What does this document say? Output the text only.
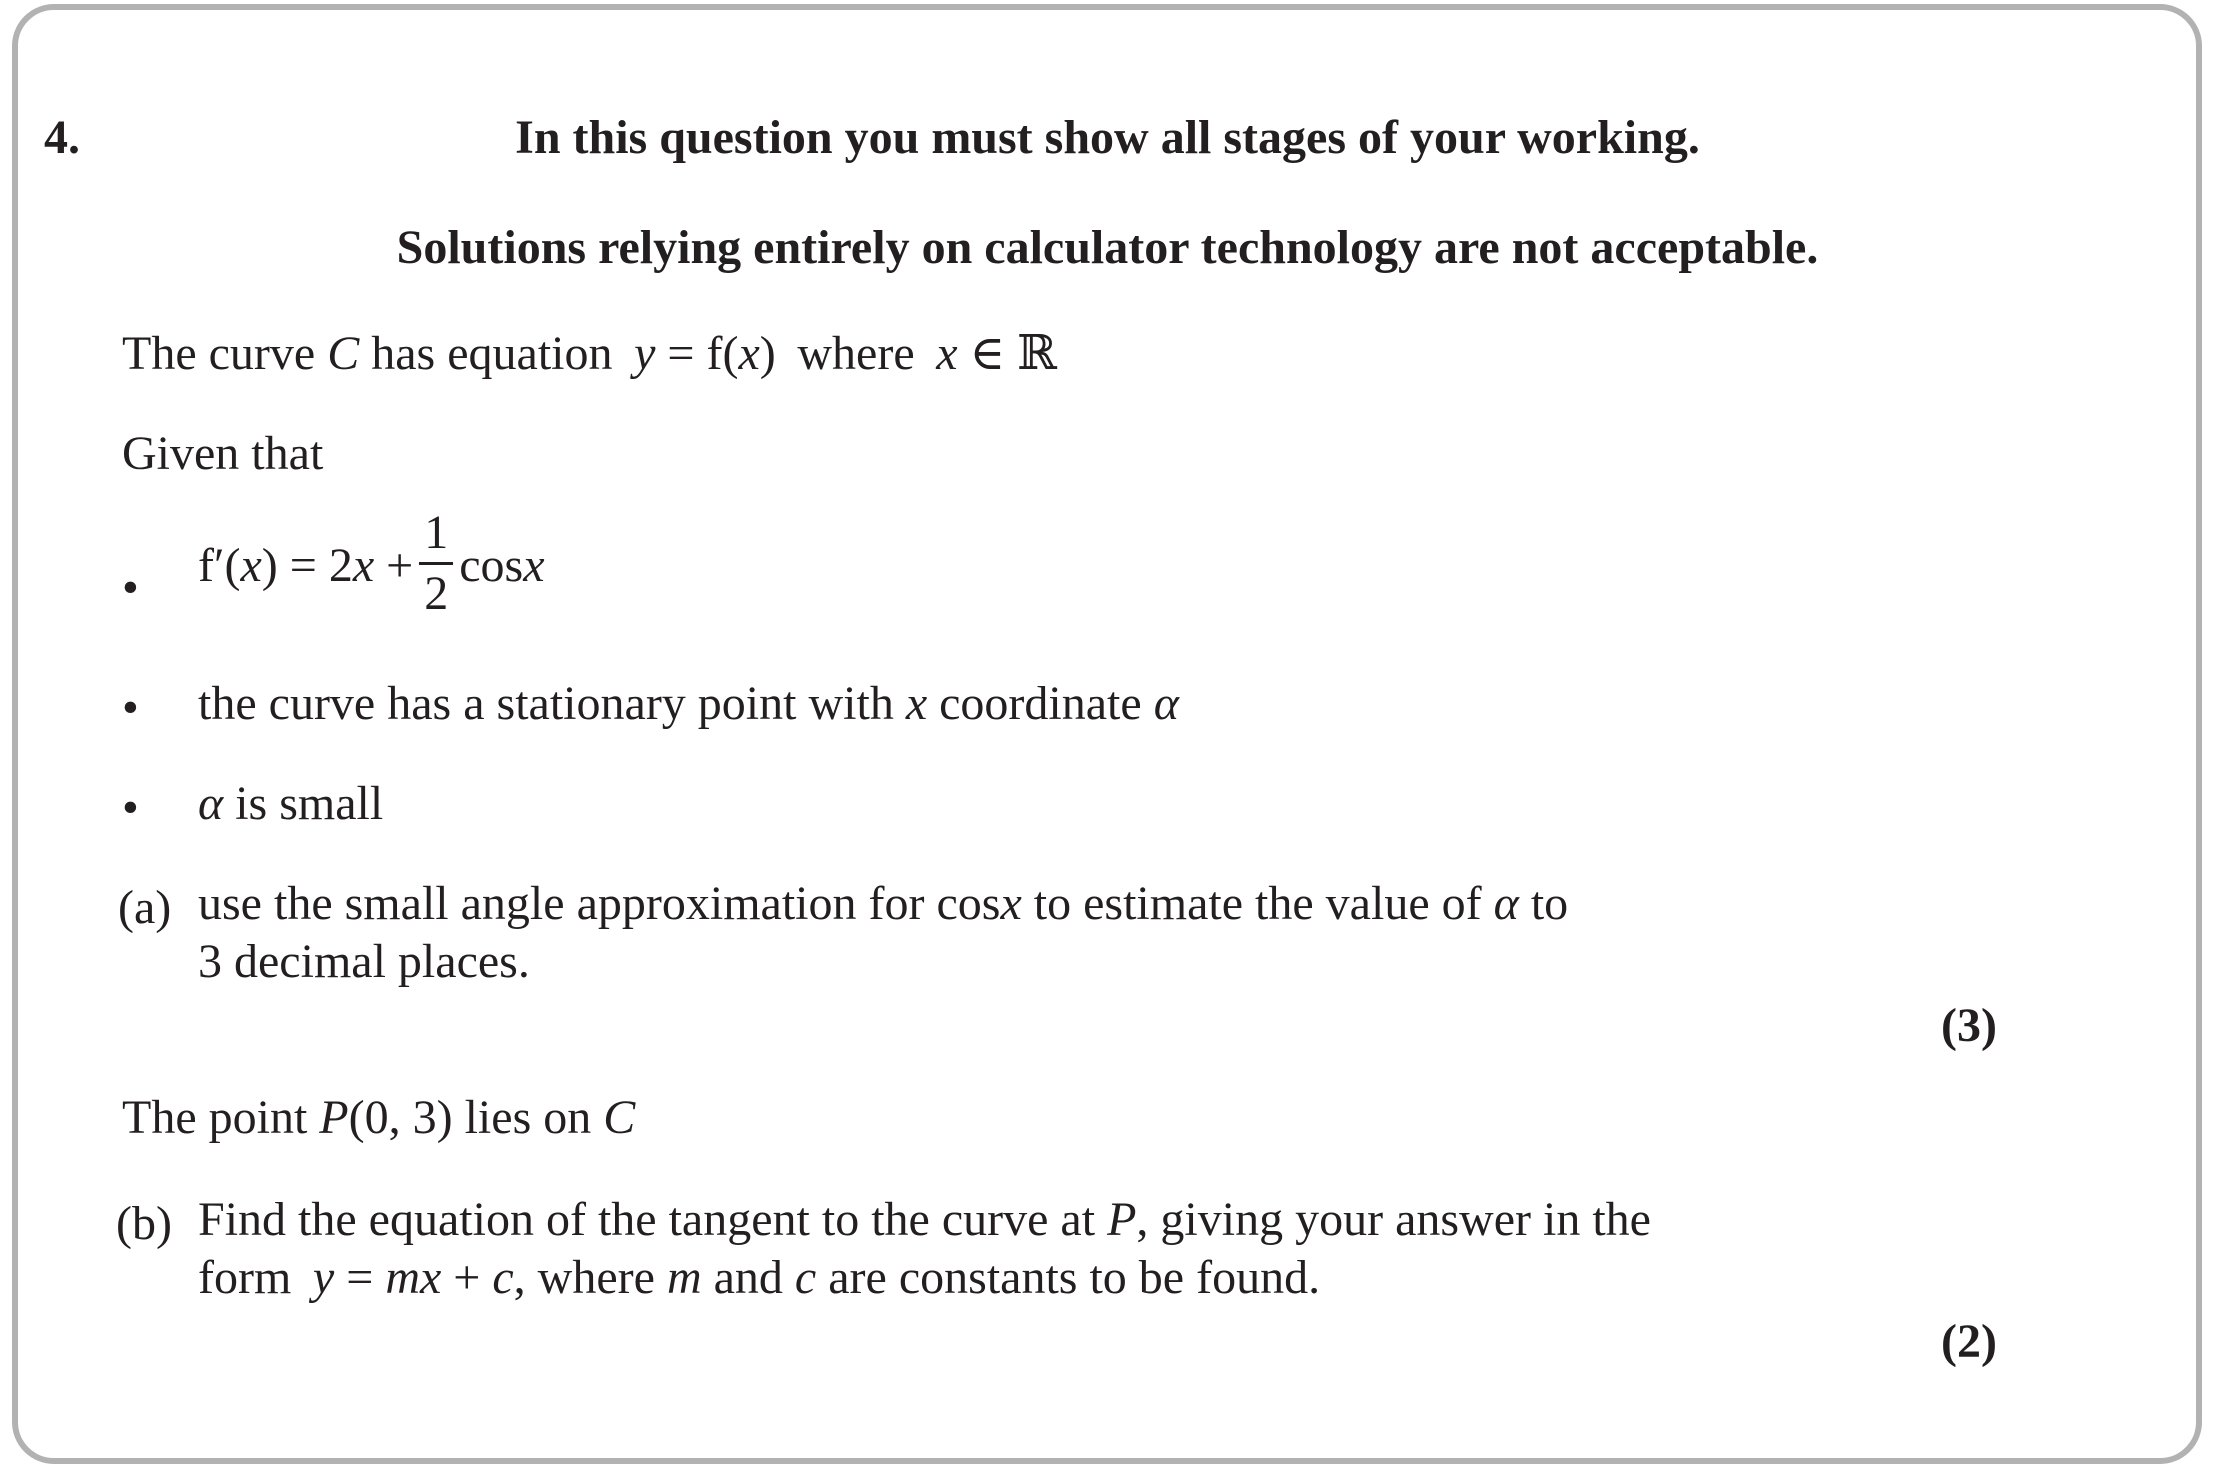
4.	In this question you must show all stages of your working.
Solutions relying entirely on calculator technology are not acceptable.
The curve C has equation  y = f(x)  where  x ∈ ℝ
Given that
• $f'(x) = 2x + \frac{1}{2}$ cosx
• the curve has a stationary point with x coordinate α
• α is small
(a) use the small angle approximation for cosx to estimate the value of α to
3 decimal places.
(3)
The point P(0, 3) lies on C
(b) Find the equation of the tangent to the curve at P, giving your answer in the
form  y = mx + c, where m and c are constants to be found.
(2)
